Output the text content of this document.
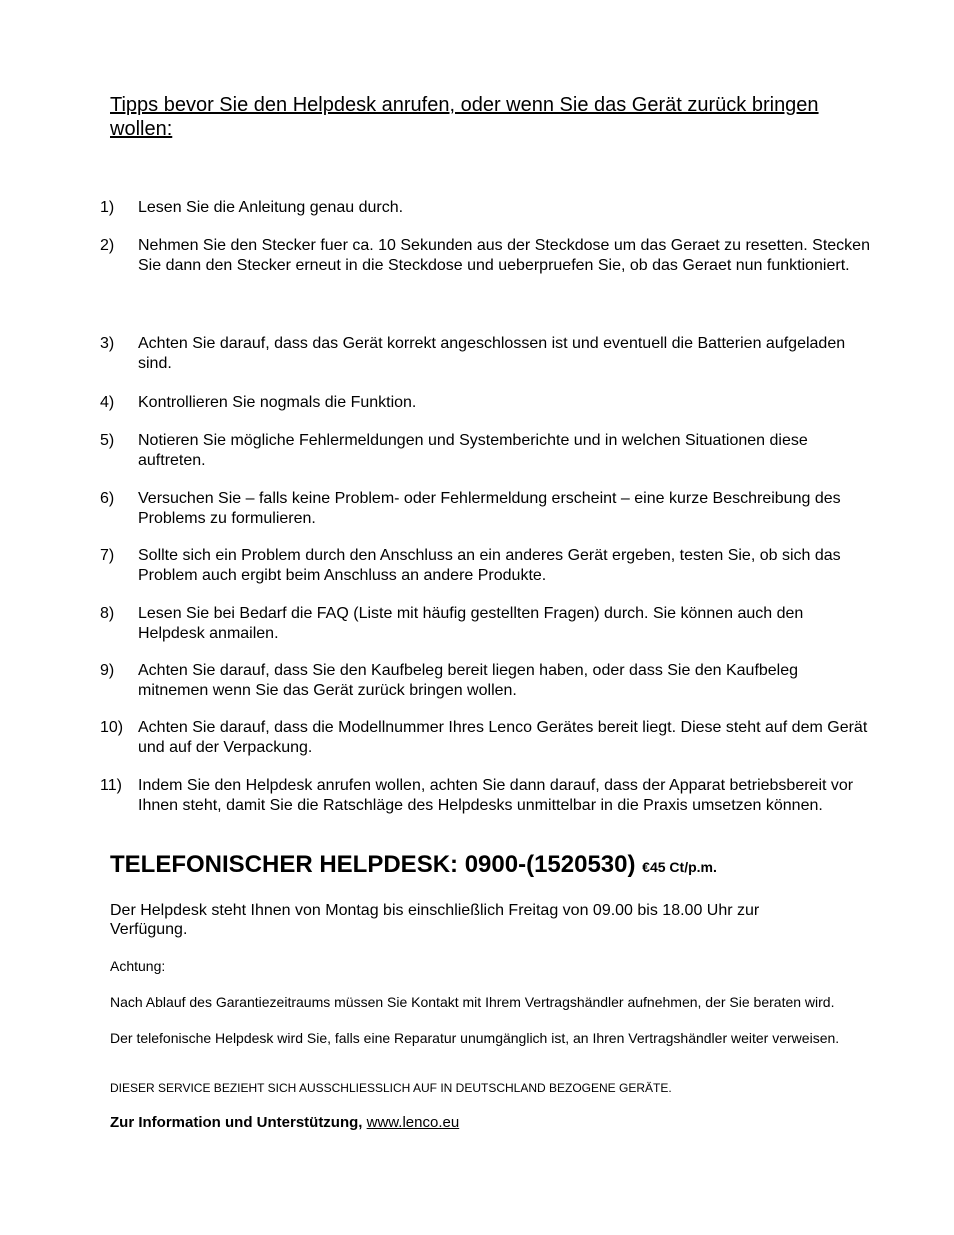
Tipps bevor Sie den Helpdesk anrufen, oder wenn Sie das Gerät zurück bringen wollen:
1) Lesen Sie die Anleitung genau durch.
2) Nehmen Sie den Stecker fuer ca. 10 Sekunden aus der Steckdose um das Geraet zu resetten. Stecken Sie dann den Stecker erneut in die Steckdose und ueberpruefen Sie, ob das Geraet nun funktioniert.
3) Achten Sie darauf, dass das Gerät korrekt angeschlossen ist und eventuell die Batterien aufgeladen sind.
4) Kontrollieren Sie nogmals die Funktion.
5) Notieren Sie mögliche Fehlermeldungen und Systemberichte und in welchen Situationen diese auftreten.
6) Versuchen Sie – falls keine Problem- oder Fehlermeldung erscheint – eine kurze Beschreibung des Problems zu formulieren.
7) Sollte sich ein Problem durch den Anschluss an ein anderes Gerät ergeben, testen Sie, ob sich das Problem auch ergibt beim Anschluss an andere Produkte.
8) Lesen Sie bei Bedarf die FAQ (Liste mit häufig gestellten Fragen) durch. Sie können auch den Helpdesk anmailen.
9) Achten Sie darauf, dass Sie den Kaufbeleg bereit liegen haben, oder dass Sie den Kaufbeleg mitnemen wenn Sie das Gerät zurück bringen wollen.
10) Achten Sie darauf, dass die Modellnummer Ihres Lenco Gerätes bereit liegt. Diese steht auf dem Gerät und auf der Verpackung.
11) Indem Sie den Helpdesk anrufen wollen, achten Sie dann darauf, dass der Apparat betriebsbereit vor Ihnen steht, damit Sie die Ratschläge des Helpdesks unmittelbar in die Praxis umsetzen können.
TELEFONISCHER HELPDESK: 0900-(1520530) €45 Ct/p.m.
Der Helpdesk steht Ihnen von Montag bis einschließlich Freitag von 09.00 bis 18.00 Uhr zur Verfügung.
Achtung:
Nach Ablauf des Garantiezeitraums müssen Sie Kontakt mit Ihrem Vertragshändler aufnehmen, der Sie beraten wird.
Der telefonische Helpdesk wird Sie, falls eine Reparatur unumgänglich ist, an Ihren Vertragshändler weiter verweisen.
DIESER SERVICE BEZIEHT SICH AUSSCHLIESSLICH AUF IN DEUTSCHLAND BEZOGENE GERÄTE.
Zur Information und Unterstützung, www.lenco.eu
